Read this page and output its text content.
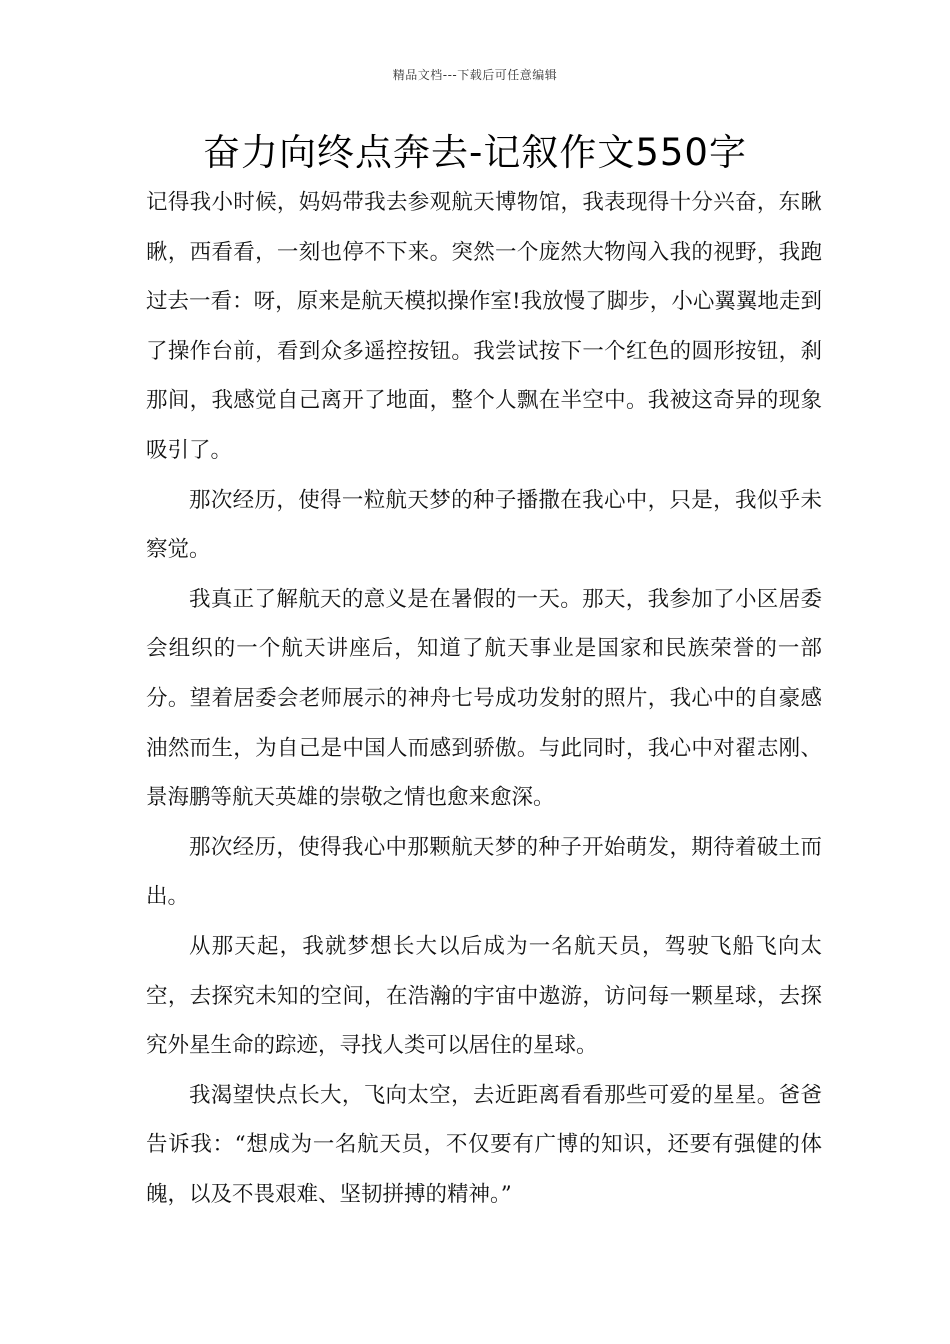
精品文档---下载后可任意编辑
奋力向终点奔去-记叙作文550字

记得我小时候，妈妈带我去参观航天博物馆，我表现得十分兴奋，东瞅瞅，西看看，一刻也停不下来。突然一个庞然大物闯入我的视野，我跑过去一看：呀，原来是航天模拟操作室!我放慢了脚步，小心翼翼地走到了操作台前，看到众多遥控按钮。我尝试按下一个红色的圆形按钮，刹那间，我感觉自己离开了地面，整个人飘在半空中。我被这奇异的现象吸引了。

那次经历，使得一粒航天梦的种子播撒在我心中，只是，我似乎未察觉。

我真正了解航天的意义是在暑假的一天。那天，我参加了小区居委会组织的一个航天讲座后，知道了航天事业是国家和民族荣誉的一部分。望着居委会老师展示的神舟七号成功发射的照片，我心中的自豪感油然而生，为自己是中国人而感到骄傲。与此同时，我心中对翟志刚、景海鹏等航天英雄的崇敬之情也愈来愈深。

那次经历，使得我心中那颗航天梦的种子开始萌发，期待着破土而出。

从那天起，我就梦想长大以后成为一名航天员，驾驶飞船飞向太空，去探究未知的空间，在浩瀚的宇宙中遨游，访问每一颗星球，去探究外星生命的踪迹，寻找人类可以居住的星球。

我渴望快点长大，飞向太空，去近距离看看那些可爱的星星。爸爸告诉我：“想成为一名航天员，不仅要有广博的知识，还要有强健的体魄，以及不畏艰难、坚韧拼搏的精神。”
